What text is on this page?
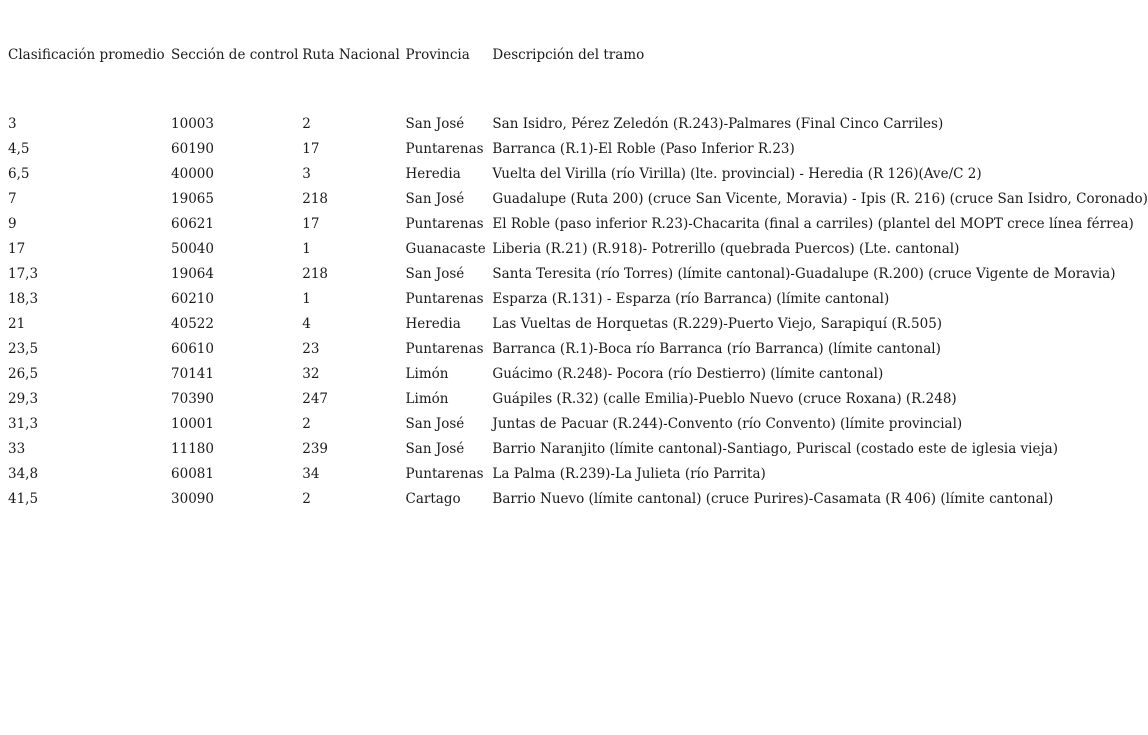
Clasificación promedio	Sección de control	Ruta Nacional	Provincia	Descripción del tramo
3	10003	2	San José	San Isidro, Pérez Zeledón (R.243)-Palmares (Final Cinco Carriles)
4,5	60190	17	Puntarenas	Barranca (R.1)-El Roble (Paso Inferior R.23)
6,5	40000	3	Heredia	Vuelta del Virilla (río Virilla) (lte. provincial) - Heredia (R 126)(Ave/C 2)
7	19065	218	San José	Guadalupe (Ruta 200) (cruce San Vicente, Moravia) - Ipis (R. 216) (cruce San Isidro, Coronado)
9	60621	17	Puntarenas	El Roble (paso inferior R.23)-Chacarita (final a carriles) (plantel del MOPT crece línea férrea)
17	50040	1	Guanacaste	Liberia (R.21) (R.918)- Potrerillo (quebrada Puercos) (Lte. cantonal)
17,3	19064	218	San José	Santa Teresita (río Torres) (límite cantonal)-Guadalupe (R.200) (cruce Vigente de Moravia)
18,3	60210	1	Puntarenas	Esparza (R.131) - Esparza (río Barranca) (límite cantonal)
21	40522	4	Heredia	Las Vueltas de Horquetas (R.229)-Puerto Viejo, Sarapiquí (R.505)
23,5	60610	23	Puntarenas	Barranca (R.1)-Boca río Barranca (río Barranca) (límite cantonal)
26,5	70141	32	Limón	Guácimo (R.248)- Pocora (río Destierro) (límite cantonal)
29,3	70390	247	Limón	Guápiles (R.32) (calle Emilia)-Pueblo Nuevo (cruce Roxana) (R.248)
31,3	10001	2	San José	Juntas de Pacuar (R.244)-Convento (río Convento) (límite provincial)
33	11180	239	San José	Barrio Naranjito (límite cantonal)-Santiago, Puriscal (costado este de iglesia vieja)
34,8	60081	34	Puntarenas	La Palma (R.239)-La Julieta (río Parrita)
41,5	30090	2	Cartago	Barrio Nuevo (límite cantonal) (cruce Purires)-Casamata (R 406) (límite cantonal)
